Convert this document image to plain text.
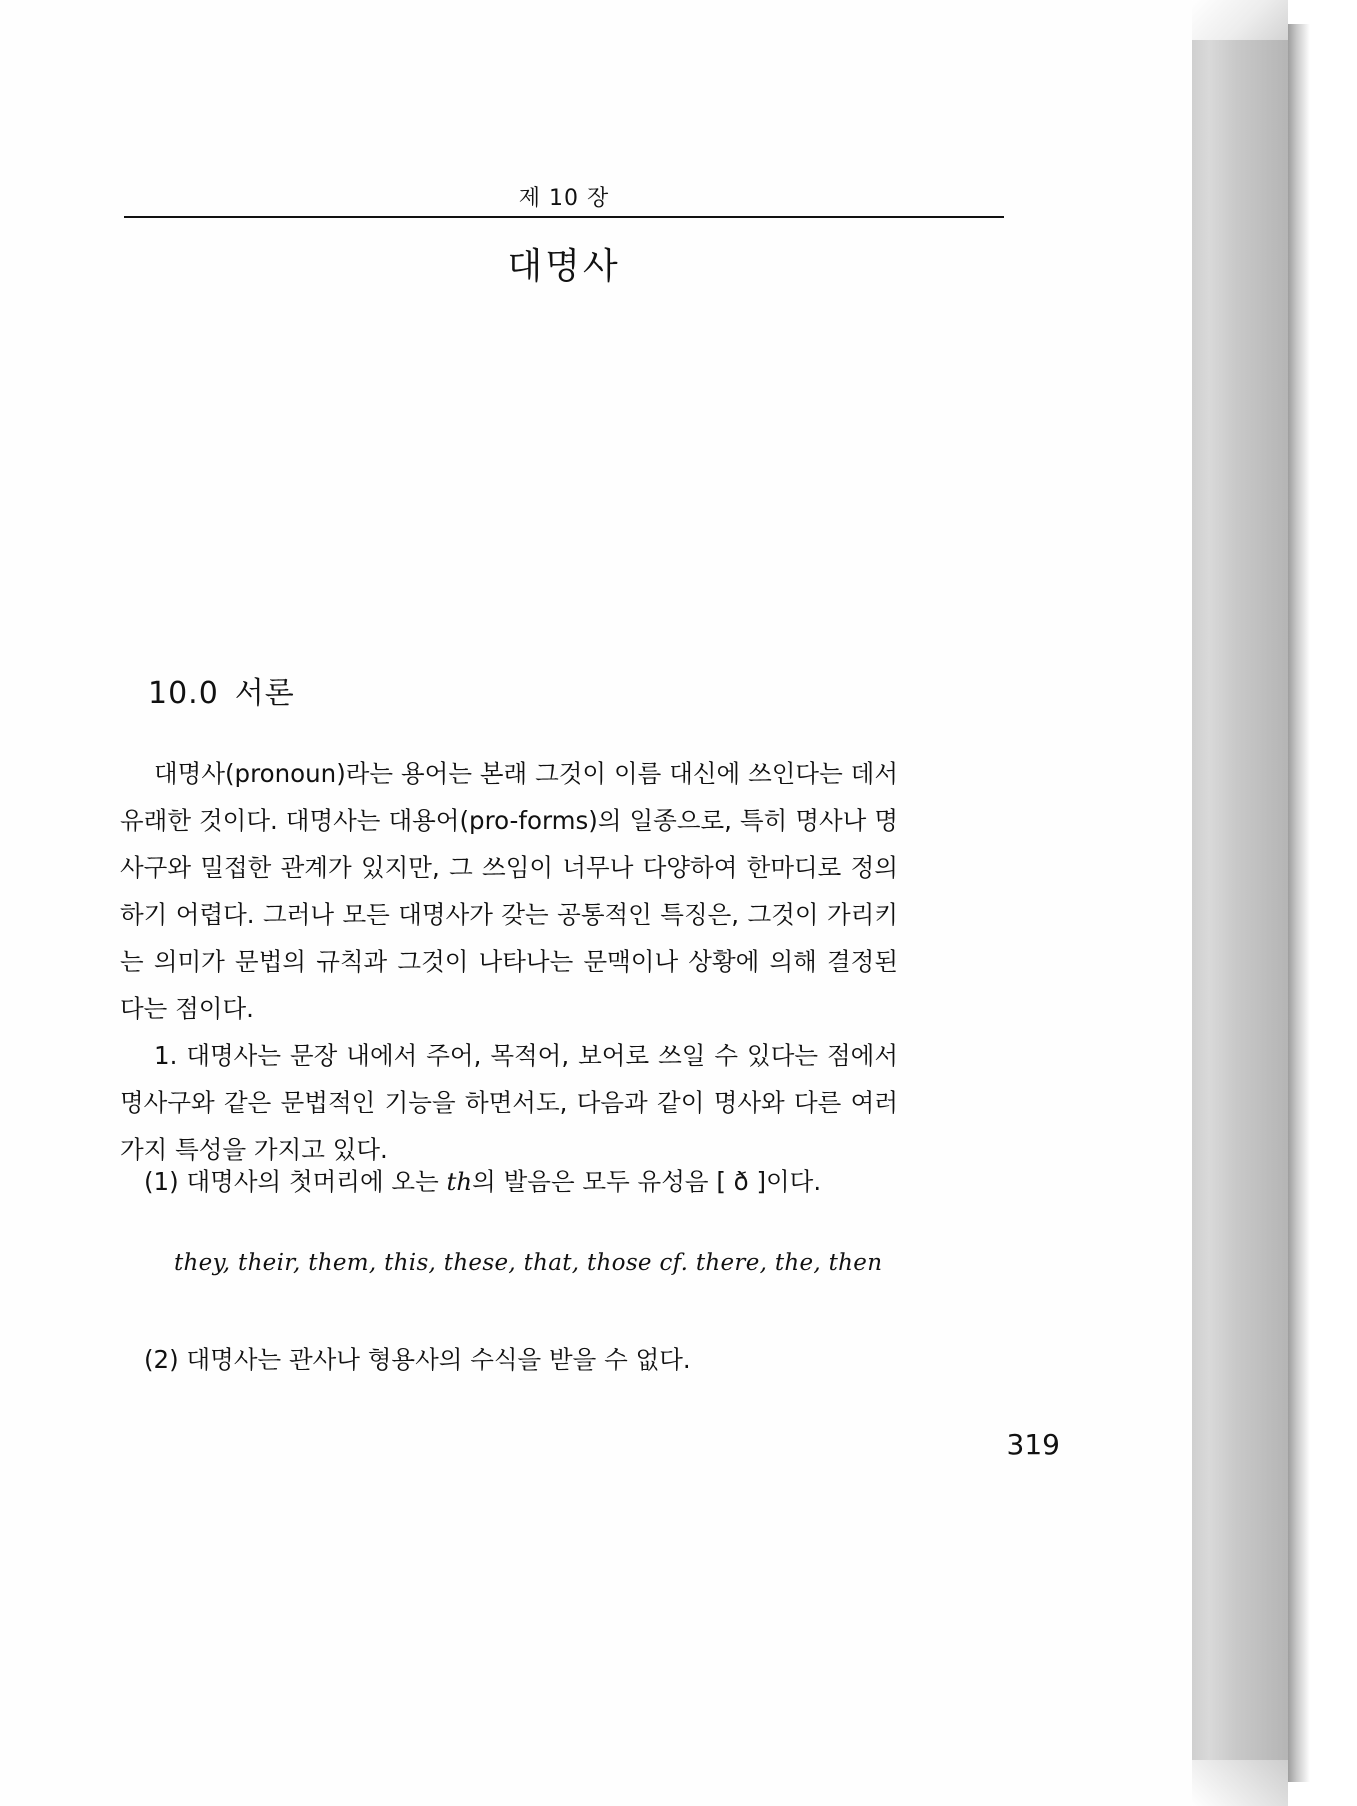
제 10 장
대명사
10.0 서론

대명사(pronoun)라는 용어는 본래 그것이 이름 대신에 쓰인다는 데서 유래한 것이다. 대명사는 대용어(pro-forms)의 일종으로, 특히 명사나 명사구와 밀접한 관계가 있지만, 그 쓰임이 너무나 다양하여 한마디로 정의하기 어렵다. 그러나 모든 대명사가 갖는 공통적인 특징은, 그것이 가리키는 의미가 문법의 규칙과 그것이 나타나는 문맥이나 상황에 의해 결정된다는 점이다.

1. 대명사는 문장 내에서 주어, 목적어, 보어로 쓰일 수 있다는 점에서 명사구와 같은 문법적인 기능을 하면서도, 다음과 같이 명사와 다른 여러 가지 특성을 가지고 있다.

(1) 대명사의 첫머리에 오는 th의 발음은 모두 유성음 [ ð ]이다.
they, their, them, this, these, that, those cf. there, the, then
(2) 대명사는 관사나 형용사의 수식을 받을 수 없다.
319
